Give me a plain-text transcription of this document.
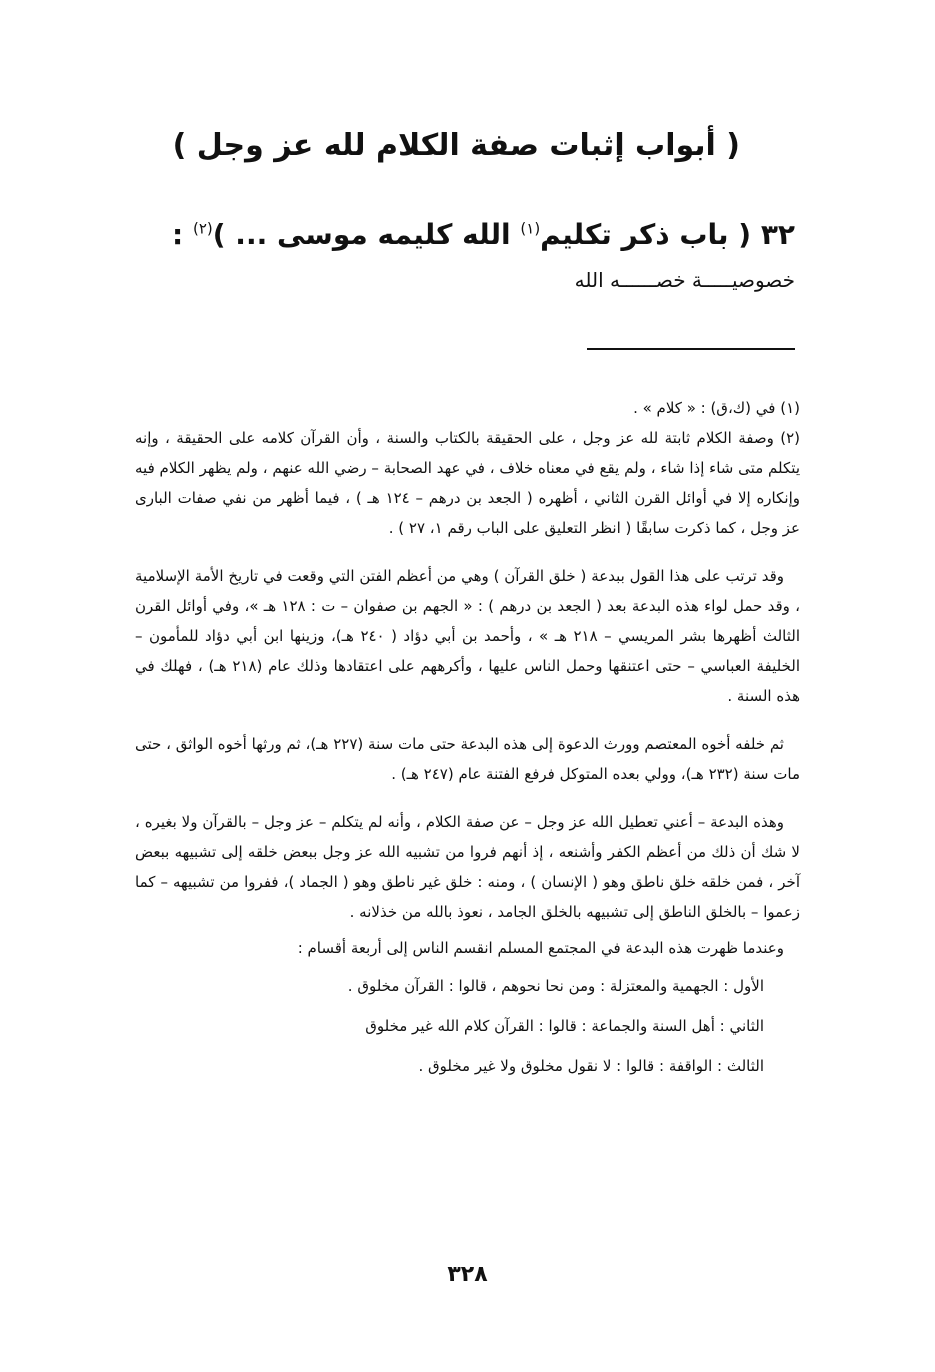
( أبواب إثبات صفة الكلام لله عز وجل )
٣٢ ( باب ذكر تكليم$^{(١)}$ الله كليمه موسى ... )$^{(٢)}$ :
خصوصيـــــة خصــــــه الله

(١) في (ك،ق) : « كلام » .

(٢) وصفة الكلام ثابتة لله عز وجل ، على الحقيقة بالكتاب والسنة ، وأن القرآن كلامه على الحقيقة ، وإنه يتكلم متى شاء إذا شاء ، ولم يقع في معناه خلاف ، في عهد الصحابة – رضي الله عنهم ، ولم يظهر الكلام فيه وإنكاره إلا في أوائل القرن الثاني ، أظهره ( الجعد بن درهم – ١٢٤ هـ ) ، فيما أظهر من نفي صفات البارى عز وجل ، كما ذكرت سابقًا ( انظر التعليق على الباب رقم ١، ٢٧ ) .

وقد ترتب على هذا القول ببدعة ( خلق القرآن ) وهي من أعظم الفتن التي وقعت في تاريخ الأمة الإسلامية ، وقد حمل لواء هذه البدعة بعد ( الجعد بن درهم ) : « الجهم بن صفوان – ت : ١٢٨ هـ »، وفي أوائل القرن الثالث أظهرها بشر المريسي – ٢١٨ هـ » ، وأحمد بن أبي دؤاد ( ٢٤٠ هـ)، وزينها ابن أبي دؤاد للمأمون – الخليفة العباسي – حتى اعتنقها وحمل الناس عليها ، وأكرههم على اعتقادها وذلك عام (٢١٨ هـ) ، فهلك في هذه السنة .

ثم خلفه أخوه المعتصم وورث الدعوة إلى هذه البدعة حتى مات سنة (٢٢٧ هـ)، ثم ورثها أخوه الواثق ، حتى مات سنة (٢٣٢ هـ)، وولي بعده المتوكل فرفع الفتنة عام (٢٤٧ هـ) .

وهذه البدعة – أعني تعطيل الله عز وجل – عن صفة الكلام ، وأنه لم يتكلم – عز وجل – بالقرآن ولا بغيره ، لا شك أن ذلك من أعظم الكفر وأشنعه ، إذ أنهم فروا من تشبيه الله عز وجل ببعض خلقه إلى تشبيهه ببعض آخر ، فمن خلقه خلق ناطق وهو ( الإنسان ) ، ومنه : خلق غير ناطق وهو ( الجماد )، ففروا من تشبيهه – كما زعموا – بالخلق الناطق إلى تشبيهه بالخلق الجامد ، نعوذ بالله من خذلانه .

وعندما ظهرت هذه البدعة في المجتمع المسلم انقسم الناس إلى أربعة أقسام :

الأول : الجهمية والمعتزلة : ومن نحا نحوهم ، قالوا : القرآن مخلوق .

الثاني : أهل السنة والجماعة : قالوا : القرآن كلام الله غير مخلوق

الثالث : الواقفة : قالوا : لا نقول مخلوق ولا غير مخلوق .

٣٢٨
